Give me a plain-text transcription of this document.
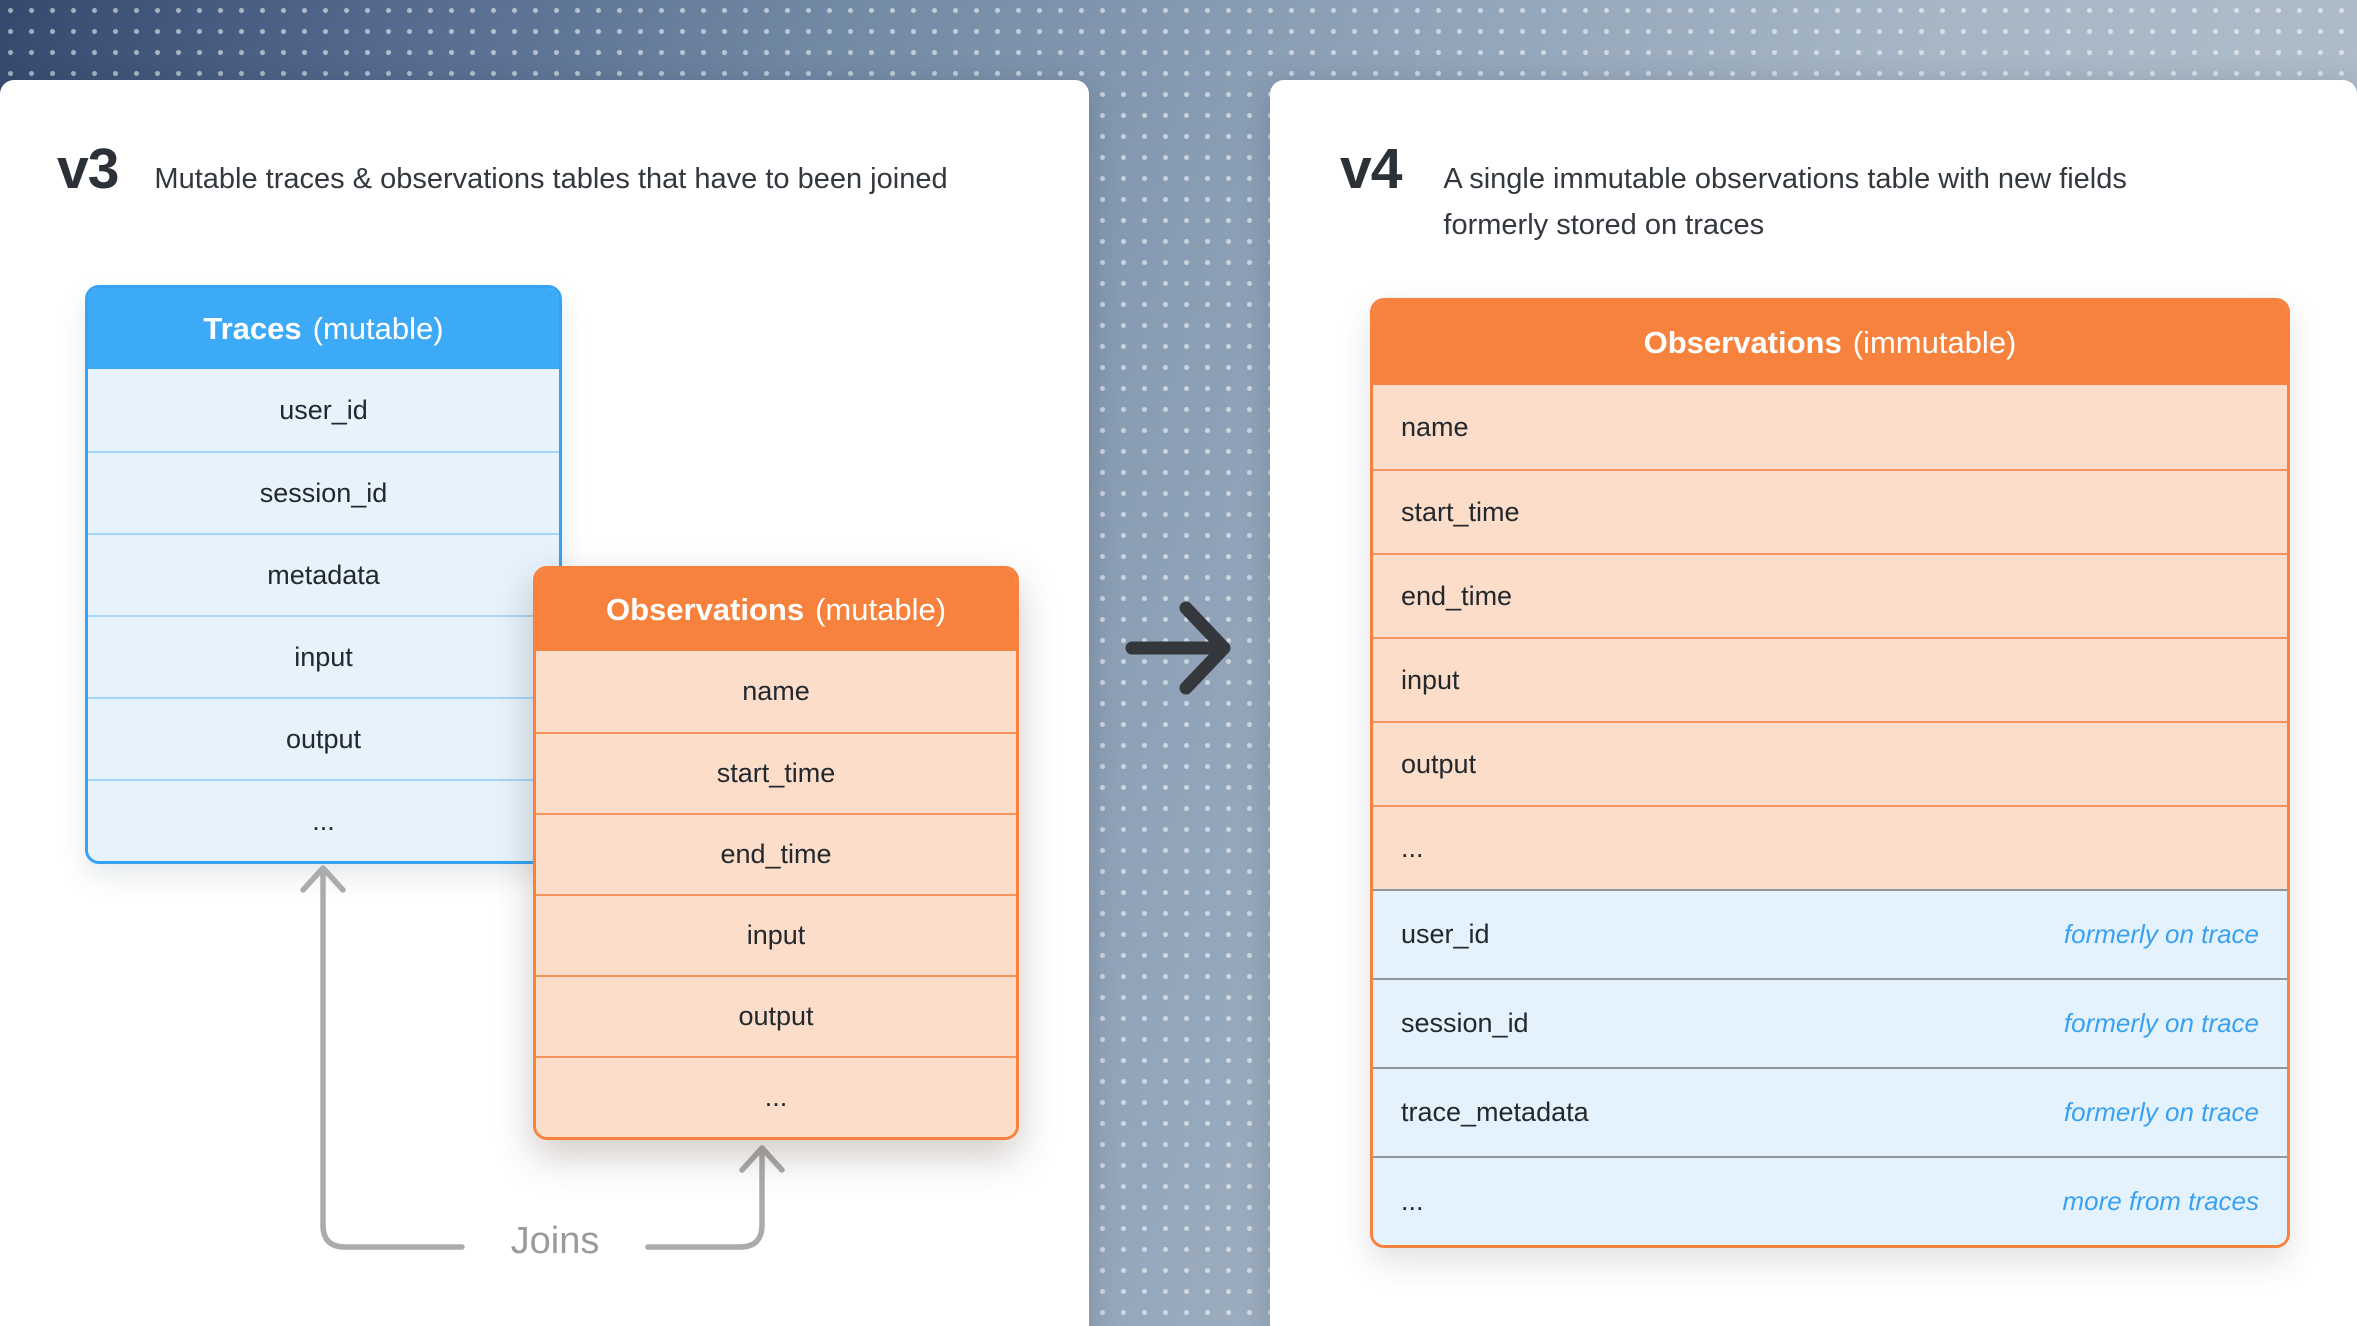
v3 Mutable traces & observations tables that have to been joined
Traces (mutable)
user_id
session_id
metadata
input
output
...
Observations (mutable)
name
start_time
end_time
input
output
...
Joins
v4 A single immutable observations table with new fields formerly stored on traces
Observations (immutable)
name
start_time
end_time
input
output
...
user_id	formerly on trace
session_id	formerly on trace
trace_metadata	formerly on trace
...	more from traces
